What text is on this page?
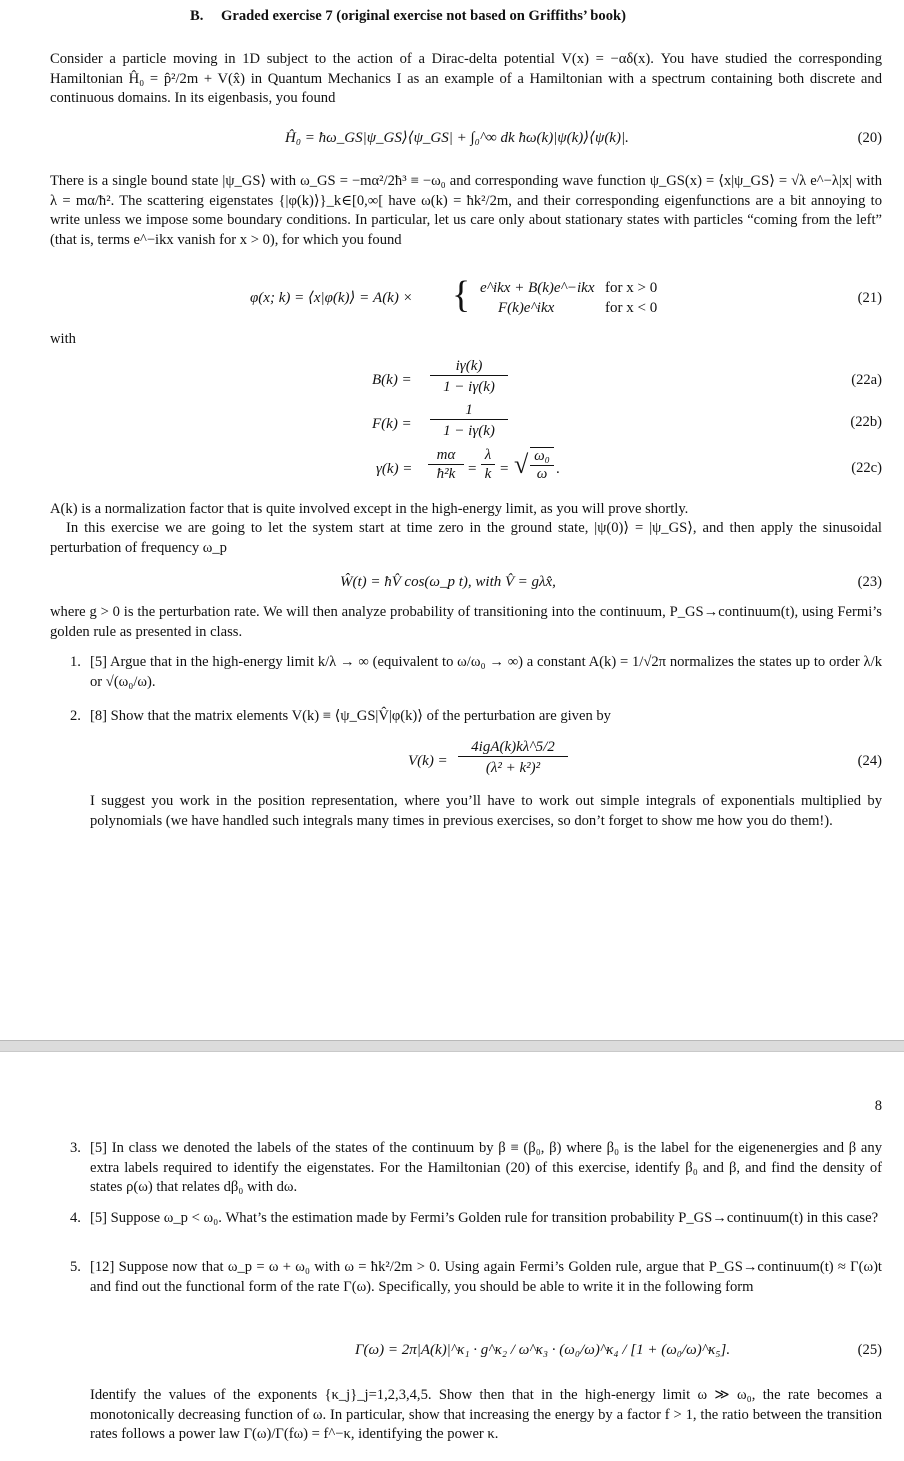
B. Graded exercise 7 (original exercise not based on Griffiths’ book)
Consider a particle moving in 1D subject to the action of a Dirac-delta potential V(x) = −αδ(x). You have studied the corresponding Hamiltonian Ĥ₀ = p̂²/2m + V(x̂) in Quantum Mechanics I as an example of a Hamiltonian with a spectrum containing both discrete and continuous domains. In its eigenbasis, you found
Ĥ₀ = ħω_GS|ψ_GS⟩⟨ψ_GS| + ∫₀^∞ dk ħω(k)|ψ(k)⟩⟨ψ(k)|.	(20)
There is a single bound state |ψ_GS⟩ with ω_GS = −mα²/2ħ³ ≡ −ω₀ and corresponding wave function ψ_GS(x) = ⟨x|ψ_GS⟩ = √λ e^−λ|x| with λ = mα/ħ². The scattering eigenstates {|φ(k)⟩}_k∈[0,∞[ have ω(k) = ħk²/2m, and their corresponding eigenfunctions are a bit annoying to write unless we impose some boundary conditions. In particular, let us care only about stationary states with particles “coming from the left” (that is, terms e^−ikx vanish for x > 0), for which you found
φ(x; k) = ⟨x|φ(k)⟩ = A(k) × { e^ikx + B(k)e^−ikx for x > 0
F(k)e^ikx	for x < 0
(21)
with
B(k) =
iγ(k)
1 − iγ(k)	(22a)
F(k) =
1
1 − iγ(k)
(22b)
γ(k) =
mα
ħ²k =
λ
k = √ ω₀
ω .	(22c)
A(k) is a normalization factor that is quite involved except in the high-energy limit, as you will prove shortly.
In this exercise we are going to let the system start at time zero in the ground state, |ψ(0)⟩ = |ψ_GS⟩, and then apply the sinusoidal perturbation of frequency ω_p
Ŵ(t) = ħV̂ cos(ω_p t), with V̂ = gλx̂,	(23)
where g > 0 is the perturbation rate. We will then analyze probability of transitioning into the continuum, P_GS→continuum(t), using Fermi’s golden rule as presented in class.
1. [5] Argue that in the high-energy limit k/λ → ∞ (equivalent to ω/ω₀ → ∞) a constant A(k) = 1/√2π normalizes the states up to order λ/k or √(ω₀/ω).
2. [8] Show that the matrix elements V(k) ≡ ⟨ψ_GS|V̂|φ(k)⟩ of the perturbation are given by
V(k) =
4igA(k)kλ^5/2
(λ² + k²)²	(24)
I suggest you work in the position representation, where you’ll have to work out simple integrals of exponentials multiplied by polynomials (we have handled such integrals many times in previous exercises, so don’t forget to show me how you do them!).
8
3. [5] In class we denoted the labels of the states of the continuum by β ≡ (β₀, β) where β₀ is the label for the eigenenergies and β any extra labels required to identify the eigenstates. For the Hamiltonian (20) of this exercise, identify β₀ and β, and find the density of states ρ(ω) that relates dβ₀ with dω.
4. [5] Suppose ω_p < ω₀. What’s the estimation made by Fermi’s Golden rule for transition probability P_GS→continuum(t) in this case?
5. [12] Suppose now that ω_p = ω + ω₀ with ω = ħk²/2m > 0. Using again Fermi’s Golden rule, argue that P_GS→continuum(t) ≈ Γ(ω)t and find out the functional form of the rate Γ(ω). Specifically, you should be able to write it in the following form
Γ(ω) = 2π|A(k)|^κ₁ · g^κ₂ / ω^κ₃ · (ω₀/ω)^κ₄ / [1 + (ω₀/ω)^κ₅].	(25)
Identify the values of the exponents {κ_j}_j=1,2,3,4,5. Show then that in the high-energy limit ω ≫ ω₀, the rate becomes a monotonically decreasing function of ω. In particular, show that increasing the energy by a factor f > 1, the ratio between the transition rates follows a power law Γ(ω)/Γ(fω) = f^−κ, identifying the power κ.
